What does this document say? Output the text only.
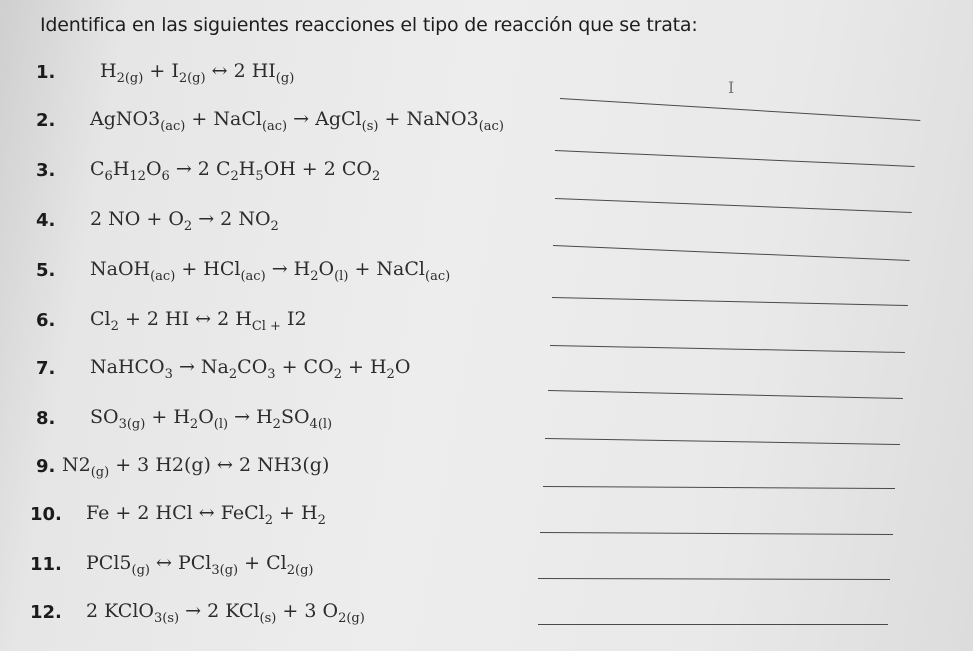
Identifica en las siguientes reacciones el tipo de reacción que se trata:
I
1. $H_{2(g)} + I_{2(g)}$ ↔ 2 $HI_{(g)}$
2. $AgNO3_{(ac)}$ + NaCl$_{(ac)}$ → AgCl$_{(s)}$ + $NaNO3_{(ac)}$
3. $C_6H_{12}O_6 \to 2$ $C_2H_5OH + 2$ $CO_2$
4. 2 NO + $O_2 \to 2$ $NO_2$
5. NaOH$_{(ac)}$ + $HCl_{(ac)} \to H_2O_{(l)}$ + NaCl$_{(ac)}$
6. $Cl_2 + 2$ HI ↔ 2 $H_{Cl +}$ I2
7. NaHCO$_3$ → $Na_2CO_3 + CO_2 + H_2O$
8. $SO_{3(g)} + H_2O_{(l)} \to H_2SO_{4(l)}$
9. $N2_{(g)} + 3$ H2(g) ↔ 2 NH3(g)
10. Fe + 2 HCl ↔ FeCl$_2$ + $H_2$
11. $PCl5_{(g)}$ ↔ $PCl_{3(g)} + Cl_{2(g)}$
12. 2 KClO$_{3(s)}$ → 2 KCl$_{(s)}$ + 3 $O_{2(g)}$
